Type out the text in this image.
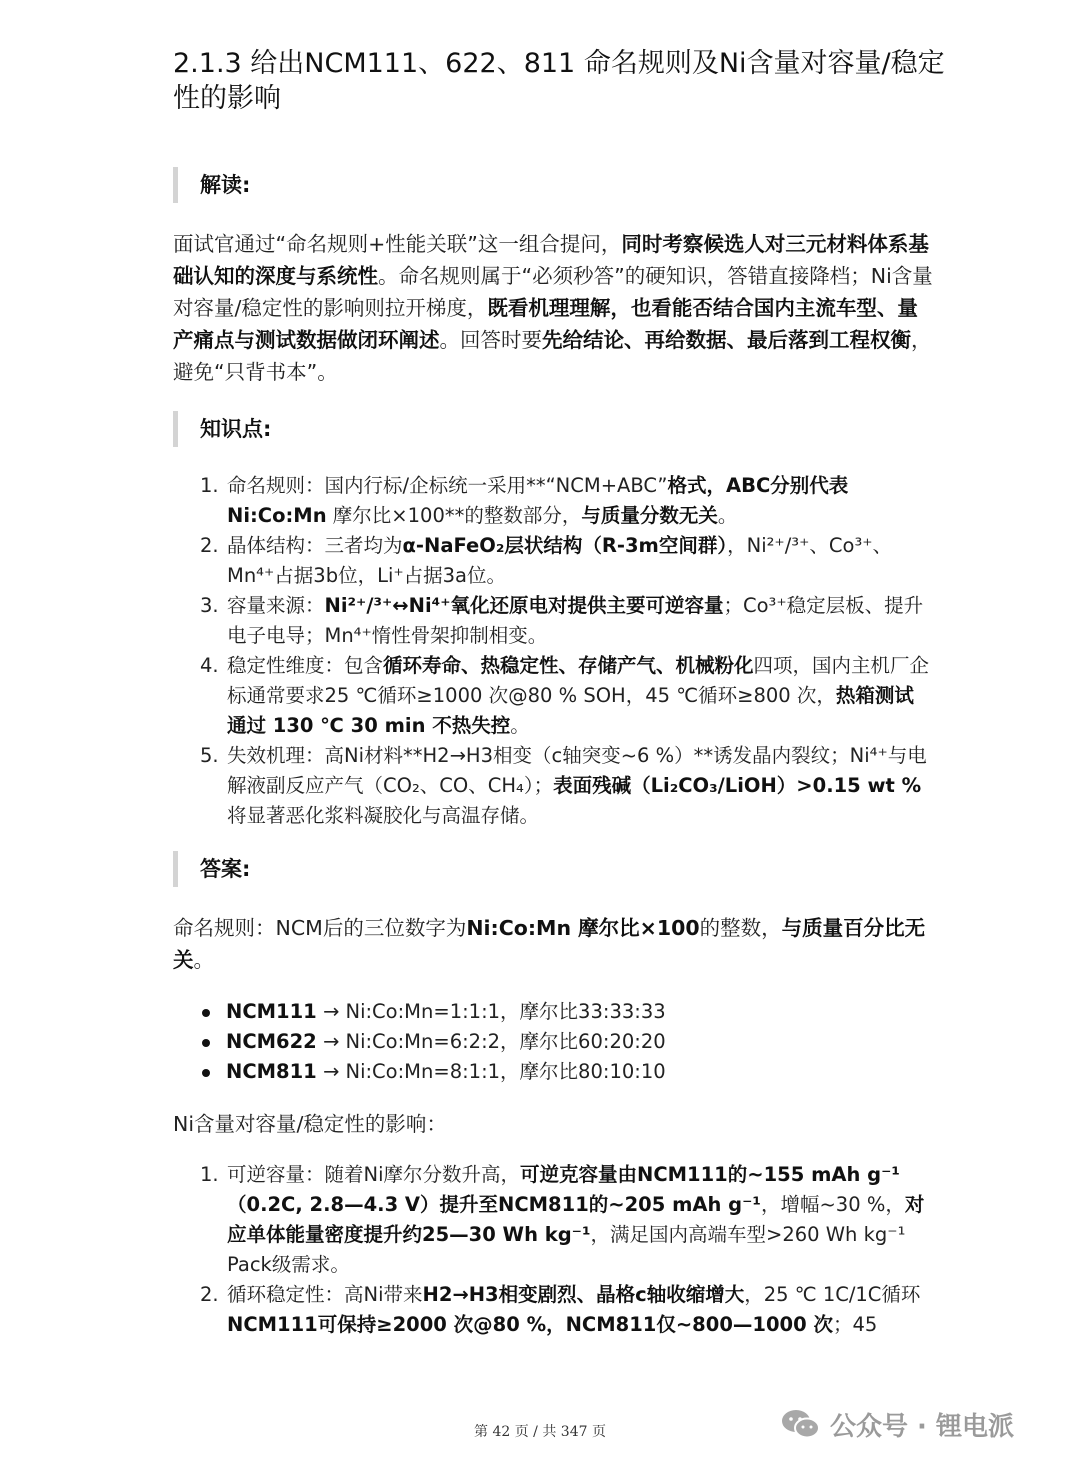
2.1.3 给出NCM111、622、811 命名规则及Ni含量对容量/稳定性的影响
解读:
面试官通过“命名规则+性能关联”这一组合提问，同时考察候选人对三元材料体系基础认知的深度与系统性。命名规则属于“必须秒答”的硬知识，答错直接降档；Ni含量对容量/稳定性的影响则拉开梯度，既看机理理解，也看能否结合国内主流车型、量产痛点与测试数据做闭环阐述。回答时要先给结论、再给数据、最后落到工程权衡，避免“只背书本”。
知识点:
1. 命名规则：国内行标/企标统一采用**“NCM+ABC”格式，ABC分别代表Ni:Co:Mn 摩尔比×100**的整数部分，与质量分数无关。
2. 晶体结构：三者均为α‑NaFeO₂层状结构（R‑3m空间群），Ni²⁺/³⁺、Co³⁺、Mn⁴⁺占据3b位，Li⁺占据3a位。
3. 容量来源：Ni²⁺/³⁺↔Ni⁴⁺氧化还原电对提供主要可逆容量；Co³⁺稳定层板、提升电子电导；Mn⁴⁺惰性骨架抑制相变。
4. 稳定性维度：包含循环寿命、热稳定性、存储产气、机械粉化四项，国内主机厂企标通常要求25 ℃循环≥1000 次@80 % SOH，45 ℃循环≥800 次，热箱测试通过 130 ℃ 30 min 不热失控。
5. 失效机理：高Ni材料**H2→H3相变（c轴突变~6 %）**诱发晶内裂纹；Ni⁴⁺与电解液副反应产气（CO₂、CO、CH₄）；表面残碱（Li₂CO₃/LiOH）>0.15 wt % 将显著恶化浆料凝胶化与高温存储。
答案:
命名规则：NCM后的三位数字为Ni:Co:Mn 摩尔比×100的整数，与质量百分比无关。
NCM111 → Ni:Co:Mn=1:1:1，摩尔比33:33:33
NCM622 → Ni:Co:Mn=6:2:2，摩尔比60:20:20
NCM811 → Ni:Co:Mn=8:1:1，摩尔比80:10:10
Ni含量对容量/稳定性的影响：
1. 可逆容量：随着Ni摩尔分数升高，可逆克容量由NCM111的~155 mAh g⁻¹（0.2C, 2.8—4.3 V）提升至NCM811的~205 mAh g⁻¹，增幅~30 %，对应单体能量密度提升约25—30 Wh kg⁻¹，满足国内高端车型>260 Wh kg⁻¹ Pack级需求。
2. 循环稳定性：高Ni带来H2→H3相变剧烈、晶格c轴收缩增大，25 ℃ 1C/1C循环NCM111可保持≥2000 次@80 %，NCM811仅~800—1000 次；45
第 42 页 / 共 347 页	公众号 · 锂电派
